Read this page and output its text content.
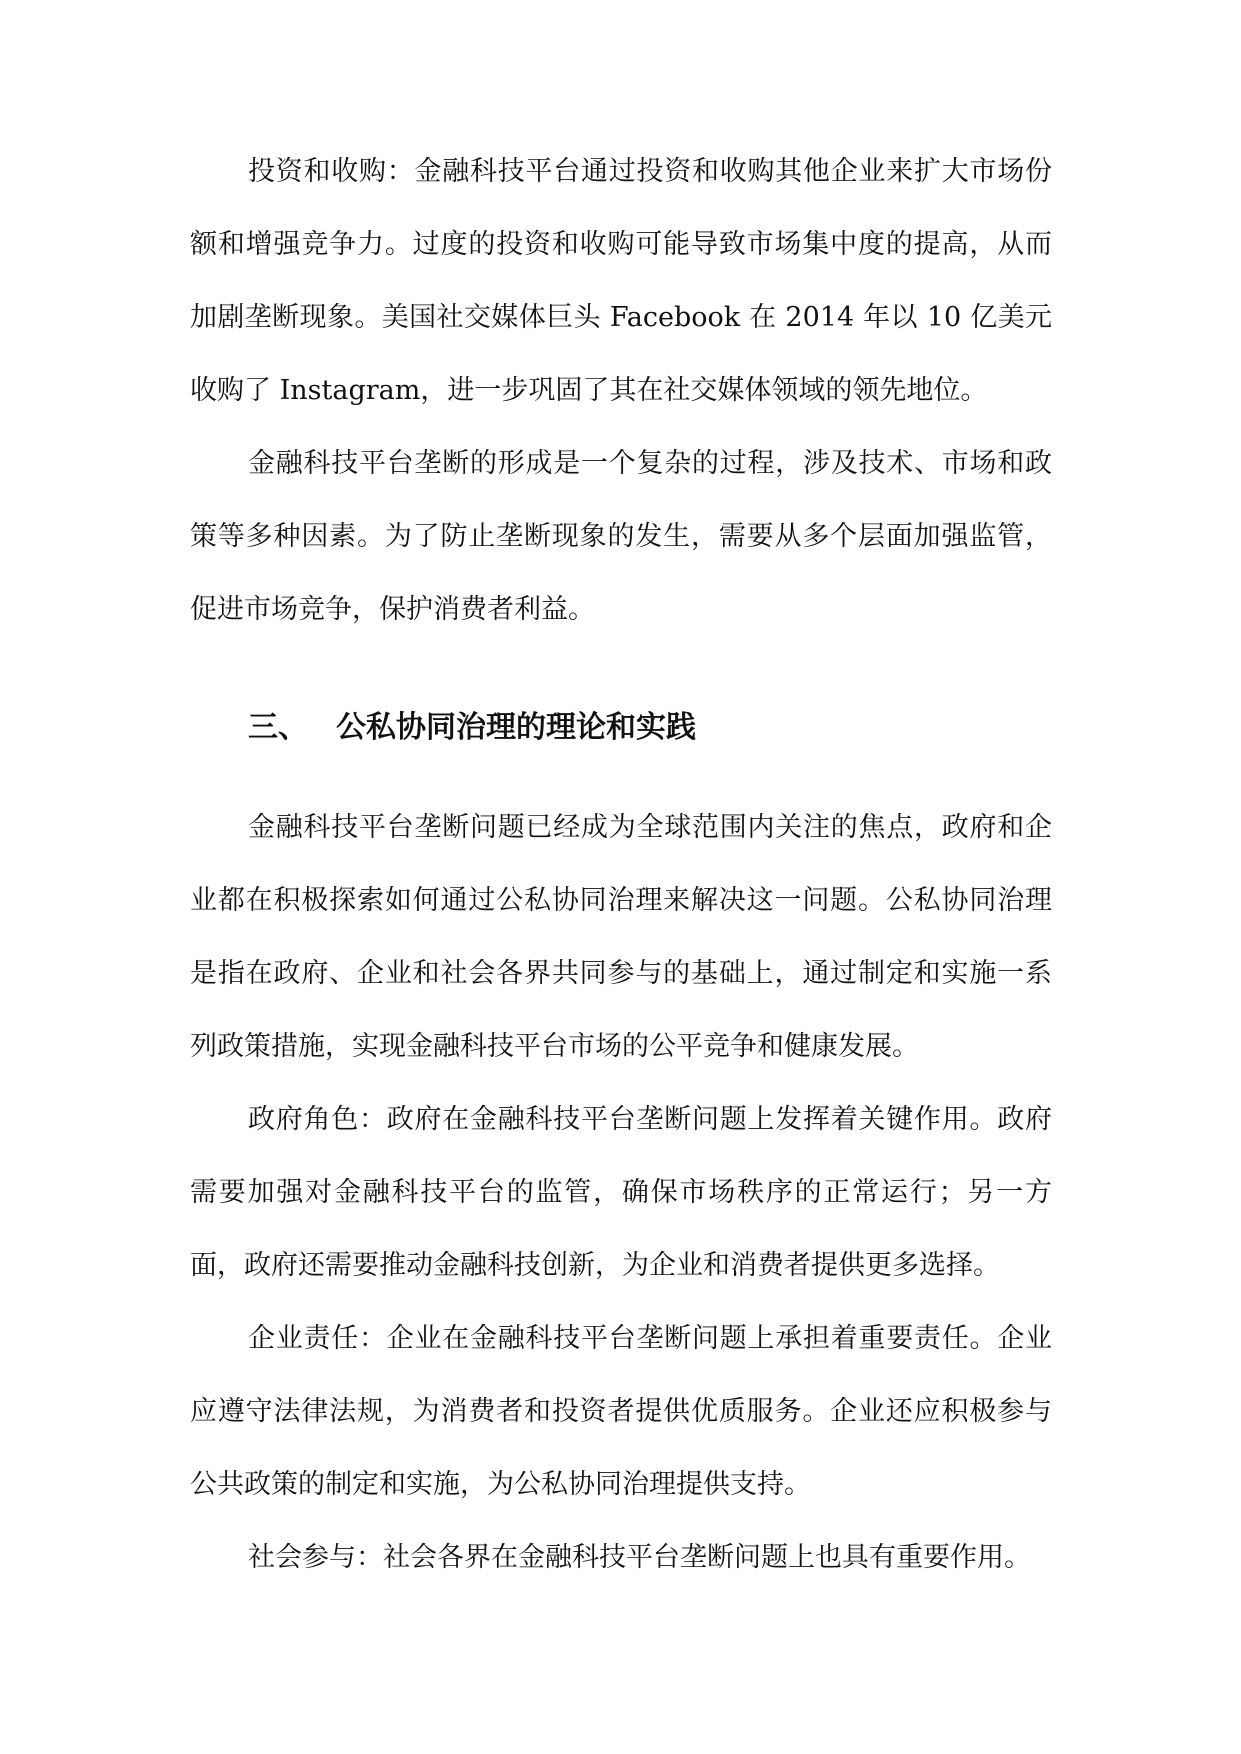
投资和收购：金融科技平台通过投资和收购其他企业来扩大市场份额和增强竞争力。过度的投资和收购可能导致市场集中度的提高，从而加剧垄断现象。美国社交媒体巨头 Facebook 在 2014 年以 10 亿美元收购了 Instagram，进一步巩固了其在社交媒体领域的领先地位。

金融科技平台垄断的形成是一个复杂的过程，涉及技术、市场和政策等多种因素。为了防止垄断现象的发生，需要从多个层面加强监管，促进市场竞争，保护消费者利益。

三、 公私协同治理的理论和实践

金融科技平台垄断问题已经成为全球范围内关注的焦点，政府和企业都在积极探索如何通过公私协同治理来解决这一问题。公私协同治理是指在政府、企业和社会各界共同参与的基础上，通过制定和实施一系列政策措施，实现金融科技平台市场的公平竞争和健康发展。

政府角色：政府在金融科技平台垄断问题上发挥着关键作用。政府需要加强对金融科技平台的监管，确保市场秩序的正常运行；另一方面，政府还需要推动金融科技创新，为企业和消费者提供更多选择。

企业责任：企业在金融科技平台垄断问题上承担着重要责任。企业应遵守法律法规，为消费者和投资者提供优质服务。企业还应积极参与公共政策的制定和实施，为公私协同治理提供支持。

社会参与：社会各界在金融科技平台垄断问题上也具有重要作用。
